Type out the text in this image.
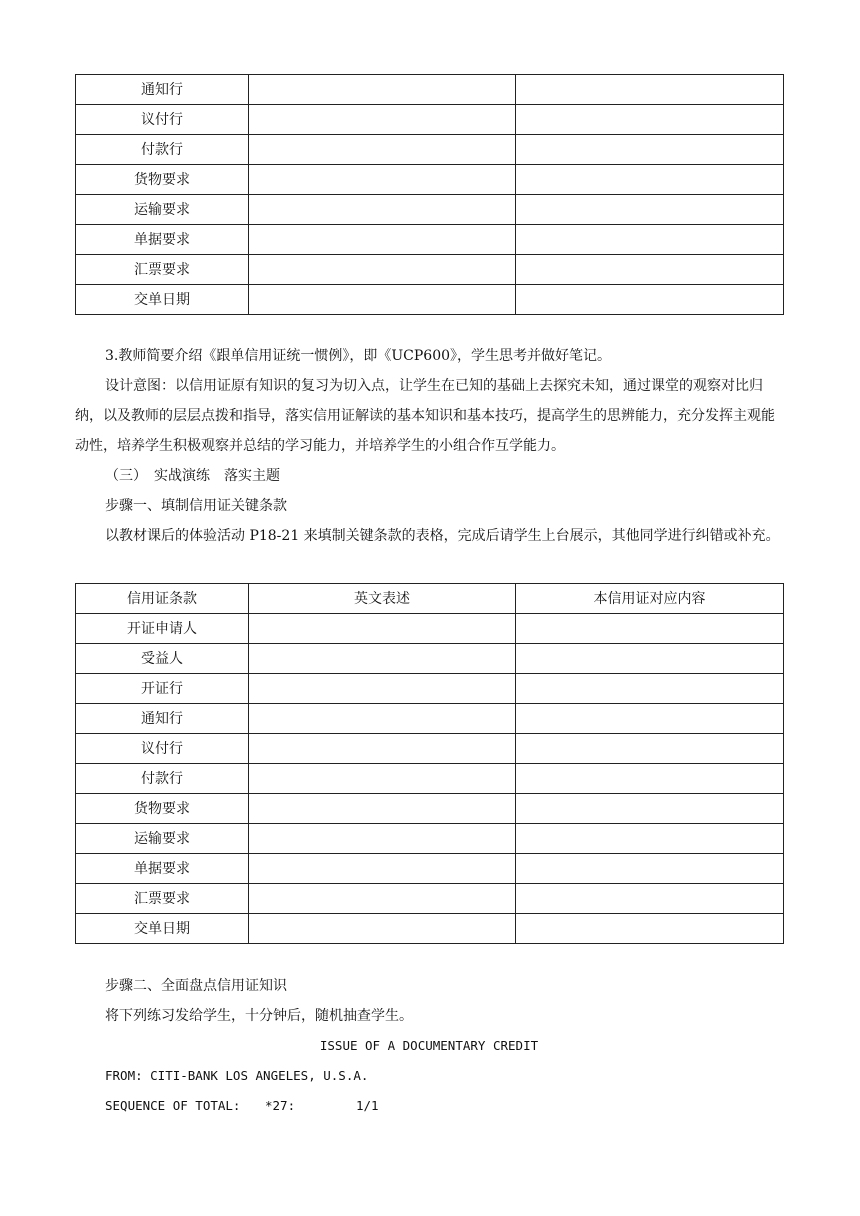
通知行		
议付行		
付款行		
货物要求		
运输要求		
单据要求		
汇票要求		
交单日期		

3.教师简要介绍《跟单信用证统一惯例》，即《UCP600》，学生思考并做好笔记。

设计意图：以信用证原有知识的复习为切入点，让学生在已知的基础上去探究未知，通过课堂的观察对比归纳，以及教师的层层点拨和指导，落实信用证解读的基本知识和基本技巧，提高学生的思辨能力，充分发挥主观能动性，培养学生积极观察并总结的学习能力，并培养学生的小组合作互学能力。

（三）　实战演练　落实主题

步骤一、填制信用证关键条款

以教材课后的体验活动 P18-21 来填制关键条款的表格，完成后请学生上台展示，其他同学进行纠错或补充。

信用证条款	英文表述	本信用证对应内容
开证申请人		
受益人		
开证行		
通知行		
议付行		
付款行		
货物要求		
运输要求		
单据要求		
汇票要求		
交单日期		

步骤二、全面盘点信用证知识

将下列练习发给学生，十分钟后，随机抽查学生。

ISSUE OF A DOCUMENTARY CREDIT
FROM: CITI-BANK LOS ANGELES, U.S.A.
SEQUENCE OF TOTAL: *27:	1/1
